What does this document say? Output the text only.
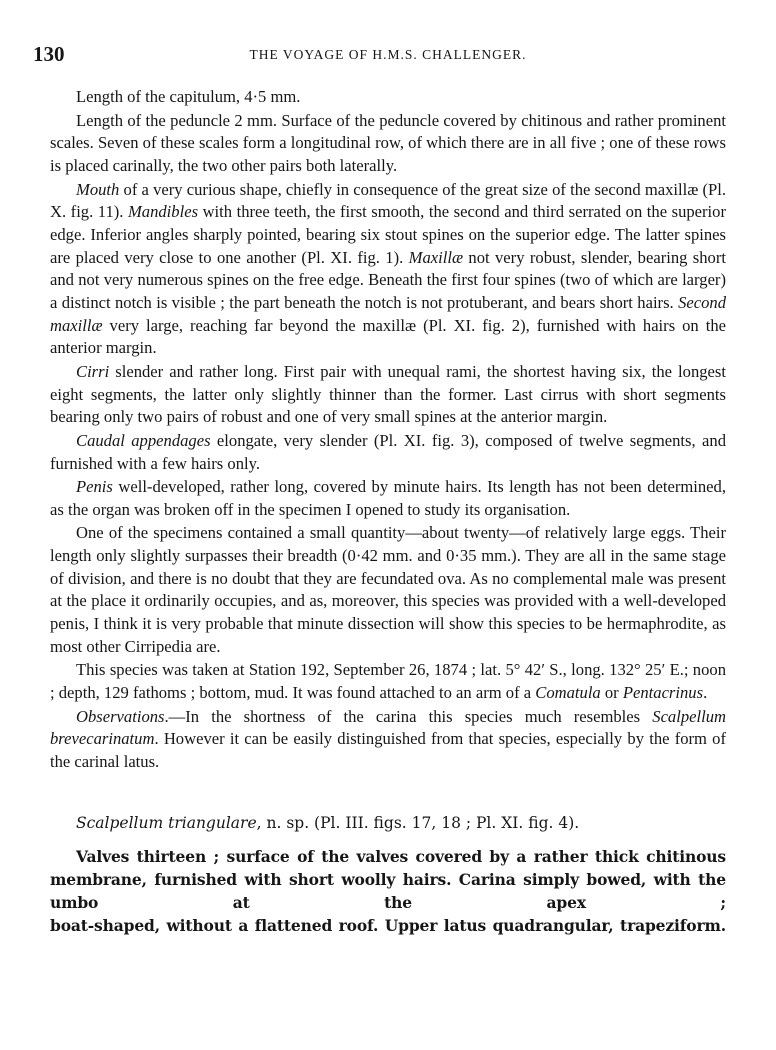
130	THE VOYAGE OF H.M.S. CHALLENGER.

Length of the capitulum, 4·5 mm.

Length of the peduncle 2 mm. Surface of the peduncle covered by chitinous and rather prominent scales. Seven of these scales form a longitudinal row, of which there are in all five ; one of these rows is placed carinally, the two other pairs both laterally.

Mouth of a very curious shape, chiefly in consequence of the great size of the second maxillæ (Pl. X. fig. 11). Mandibles with three teeth, the first smooth, the second and third serrated on the superior edge. Inferior angles sharply pointed, bearing six stout spines on the superior edge. The latter spines are placed very close to one another (Pl. XI. fig. 1). Maxillæ not very robust, slender, bearing short and not very numerous spines on the free edge. Beneath the first four spines (two of which are larger) a distinct notch is visible ; the part beneath the notch is not protuberant, and bears short hairs. Second maxillæ very large, reaching far beyond the maxillæ (Pl. XI. fig. 2), furnished with hairs on the anterior margin.

Cirri slender and rather long. First pair with unequal rami, the shortest having six, the longest eight segments, the latter only slightly thinner than the former. Last cirrus with short segments bearing only two pairs of robust and one of very small spines at the anterior margin.

Caudal appendages elongate, very slender (Pl. XI. fig. 3), composed of twelve segments, and furnished with a few hairs only.

Penis well-developed, rather long, covered by minute hairs. Its length has not been determined, as the organ was broken off in the specimen I opened to study its organisation.

One of the specimens contained a small quantity—about twenty—of relatively large eggs. Their length only slightly surpasses their breadth (0·42 mm. and 0·35 mm.). They are all in the same stage of division, and there is no doubt that they are fecundated ova. As no complemental male was present at the place it ordinarily occupies, and as, moreover, this species was provided with a well-developed penis, I think it is very probable that minute dissection will show this species to be hermaphrodite, as most other Cirripedia are.

This species was taken at Station 192, September 26, 1874 ; lat. 5° 42′ S., long. 132° 25′ E.; noon ; depth, 129 fathoms ; bottom, mud. It was found attached to an arm of a Comatula or Pentacrinus.

Observations.—In the shortness of the carina this species much resembles Scalpellum brevecarinatum. However it can be easily distinguished from that species, especially by the form of the carinal latus.

Scalpellum triangulare, n. sp. (Pl. III. figs. 17, 18 ; Pl. XI. fig. 4).

Valves thirteen ; surface of the valves covered by a rather thick chitinous membrane, furnished with short woolly hairs. Carina simply bowed, with the umbo at the apex ; boat-shaped, without a flattened roof. Upper latus quadrangular, trapeziform.
